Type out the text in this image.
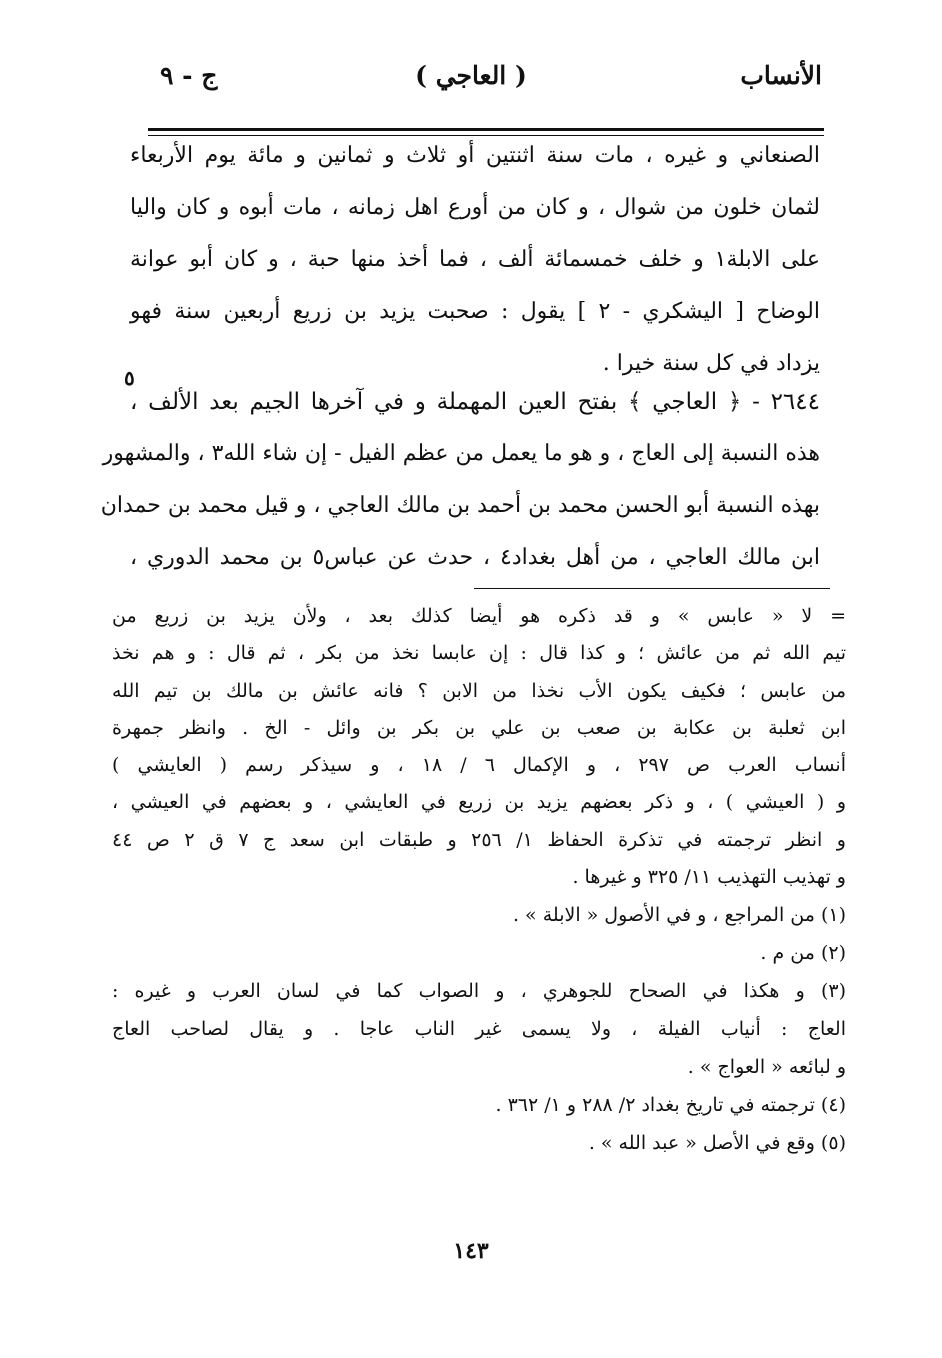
الأنساب
( العاجي )
ج - ٩
الصنعاني و غيره ، مات سنة اثنتين أو ثلاث و ثمانين و مائة يوم الأربعاء
لثمان خلون من شوال ، و كان من أورع اهل زمانه ، مات أبوه و كان واليا
على الابلة١ و خلف خمسمائة ألف ، فما أخذ منها حبة ، و كان أبو عوانة
الوضاح [ اليشكري - ٢ ] يقول : صحبت يزيد بن زريع أربعين سنة فهو
يزداد في كل سنة خيرا .
٥
٢٦٤٤ - ﴿ العاجي ﴾ بفتح العين المهملة و في آخرها الجيم بعد الألف ،
هذه النسبة إلى العاج ، و هو ما يعمل من عظم الفيل - إن شاء الله٣ ، والمشهور
بهذه النسبة أبو الحسن محمد بن أحمد بن مالك العاجي ، و قيل محمد بن حمدان
ابن مالك العاجي ، من أهل بغداد٤ ، حدث عن عباس٥ بن محمد الدوري ،
= لا « عابس » و قد ذكره هو أيضا كذلك بعد ، ولأن يزيد بن زريع من
تيم الله ثم من عائش ؛ و كذا قال : إن عابسا نخذ من بكر ، ثم قال : و هم نخذ
من عابس ؛ فكيف يكون الأب نخذا من الابن ؟ فانه عائش بن مالك بن تيم الله
ابن ثعلبة بن عكابة بن صعب بن علي بن بكر بن وائل - الخ . وانظر جمهرة
أنساب العرب ص ٢٩٧ ، و الإكمال ٦ / ١٨ ، و سيذكر رسم ( العايشي )
و ( العيشي ) ، و ذكر بعضهم يزيد بن زريع في العايشي ، و بعضهم في العيشي ،
و انظر ترجمته في تذكرة الحفاظ ١/ ٢٥٦ و طبقات ابن سعد ج ٧ ق ٢ ص ٤٤
و تهذيب التهذيب ١١/ ٣٢٥ و غيرها .
(١) من المراجع ، و في الأصول « الابلة » .
(٢) من م .
(٣) و هكذا في الصحاح للجوهري ، و الصواب كما في لسان العرب و غيره :
العاج : أنياب الفيلة ، ولا يسمى غير الناب عاجا . و يقال لصاحب العاج
و لبائعه « العواج » .
(٤) ترجمته في تاريخ بغداد ٢/ ٢٨٨ و ١/ ٣٦٢ .
(٥) وقع في الأصل « عبد الله » .
١٤٣
